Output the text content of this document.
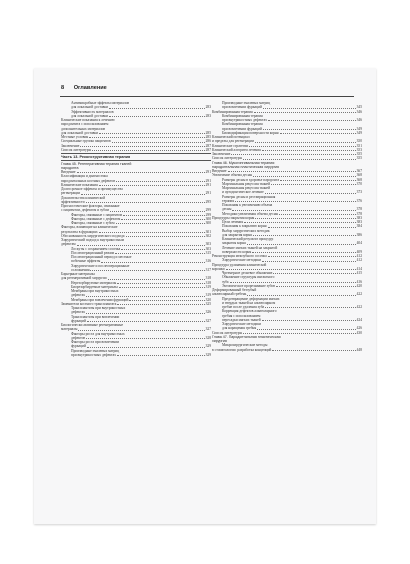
8 Оглавление
Антимикробные эффекты материалов
для локальной доставки	283
Эффективность материалов
для локальной доставки	283
Клинические показания к лечению
пародонтита с использованием
дополнительных материалов
для локальной доставки	285
Местные условия	285
Специальные группы пациентов	286
Заключение	287
Список литературы	287
Часть 13. Реконструктивная терапия
Глава 45. Регенеративная терапия тканей
пародонта
Введение	291
Классификация и диагностика
пародонтальных костных дефектов	291
Клинические показания	291
Долгосрочное эффекты и преимущества
регенерации	291
Доказательства клинической
эффективности	295
Прогностические факторы, связанные
с пациентом, дефектом и зубом	299
Факторы, связанные с пациентом	299
Факторы, связанные с дефектом	300
Факторы, связанные с зубом	300
Факторы, влияющие на клинические
результаты в фуркациях	301
Обоснованность хирургического подхода	302
Хирургический подход к внутрикостным
дефектам	303
Лоскуты с сохранением сосочка	303
Послеоперационный режим	315
Послеоперационный период и местные
побочные эффекты	316
Хирургические и послеоперационные
осложнения	317
Барьерные материалы
для регенеративной хирургии	318
Нерезорбируемые материалы	318
Биорезорбируемые материалы	319
Мембраны при внутрикостных
дефектах	319
Мембраны при вовлечении фуркаций	320
Заменители костного трансплантата	325
Трансплантаты при внутрикостных
дефектах	326
Трансплантаты при вовлечении
фуркаций	327
Биологически активные регенеративные
материалы	327
Факторы роста для внутрикостных
дефектов	328
Факторы роста при вовлечении
фуркаций	329
Производные эмалевых матриц
при внутрикостных дефектах	329
Производные эмалевых матриц
при вовлечении фуркаций	345
Комбинированная терапия	346
Комбинированная терапия
при внутрикостных дефектах	346
Комбинированная терапия
при вовлечении фуркаций	349
Биомодификация поверхности корня	349
Клинический потенциал
и пределы для регенерации	350
Клинические стратегии	351
Клинический алгоритм лечения	353
Заключение	355
Список литературы	355
Глава 46. Мукогингивальная терапия:
пародонтальная пластическая хирургия
Введение	367
Увеличение объема десны	368
Размеры десны в здоровье пародонта	368
Маргинальная рецессия тканей	370
Маргинальная рецессия тканей
и ортодонтическое лечение	373
Размеры десны и реставрационная
терапия	376
Показания к увеличению объема
десны	378
Методики увеличения объема десны	378
Процедуры закрытия корня	383
Цели лечения	383
Показания к закрытию корня	384
Выбор хирургических методик
для закрытия корня	386
Клинический результат процедур
закрытия корня	404
Лечение мягких тканей на закрытой
поверхности корня	409
Реконструкция межзубного сосочка	412
Хирургические методики	412
Процедура удлинения клинической
коронки	414
Чрезмерное десневое обнажение	415
Обнажение структуры интактного
зуба	416
Эктопическое прорезывание зубов	420
Деформированный беззубый
альвеолярный гребень	422
Предотвращение деформации мягких
и твердых тканей на альвеолярном
гребне после удаления зуба	422
Коррекция дефектов альвеолярного
гребня с использованием
пересадки мягких тканей	424
Хирургические методики
для наращения гребня	426
Список литературы	430
Глава 47. Пародонтальная пластическая
хирургия
Микрохирургические методы
в стоматологии: разработка концепций	448
